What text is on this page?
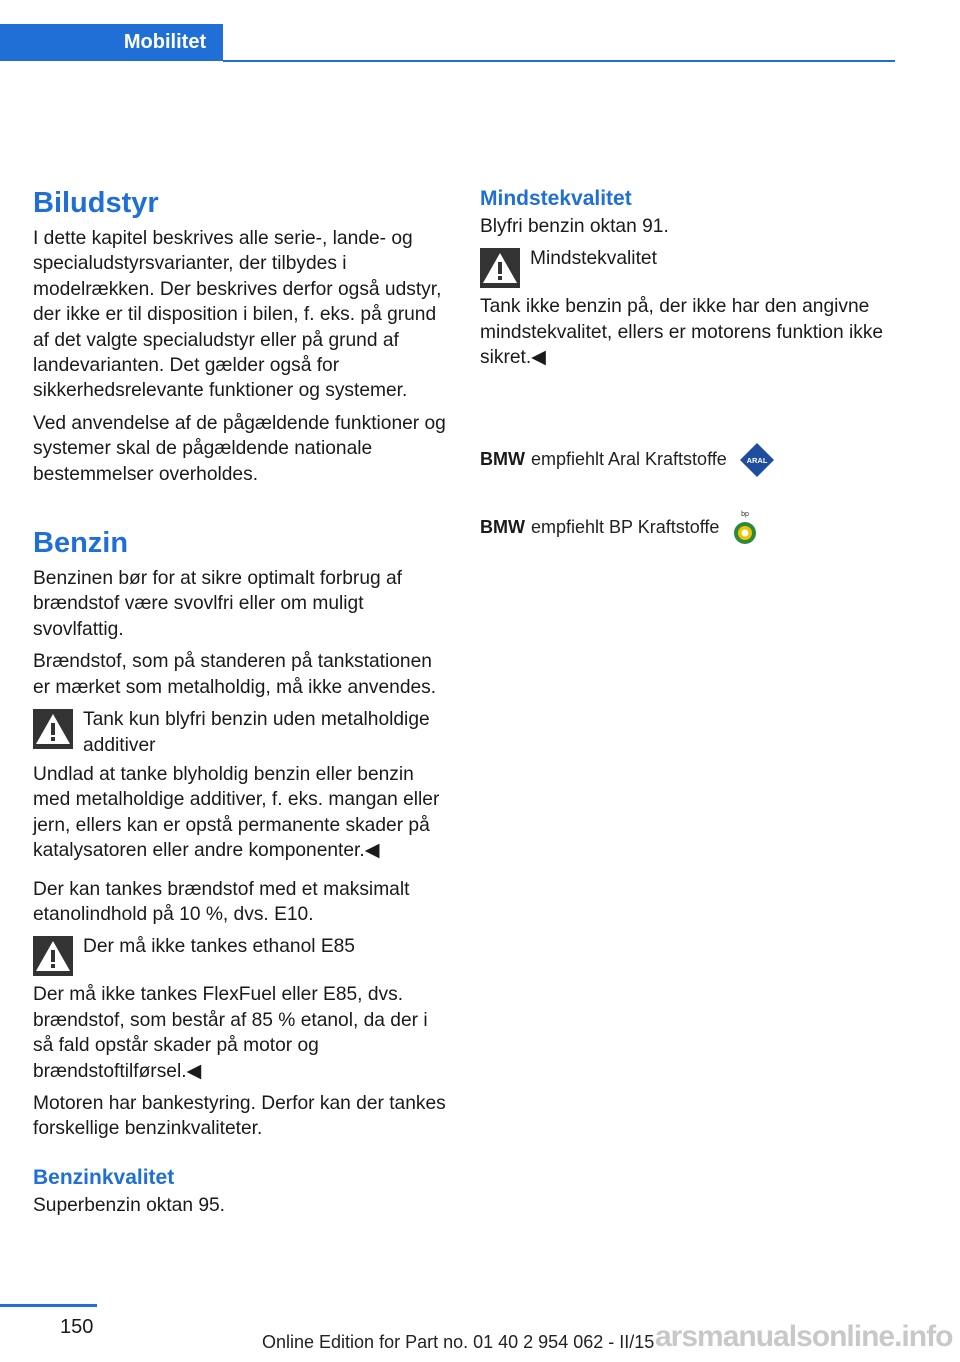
Mobilitet
Biludstyr

I dette kapitel beskrives alle serie-, lande- og specialudstyrsvarianter, der tilbydes i modelrækken. Der beskrives derfor også udstyr, der ikke er til disposition i bilen, f. eks. på grund af det valgte specialudstyr eller på grund af landevarianten. Det gælder også for sikkerhedsrelevante funktioner og systemer.

Ved anvendelse af de pågældende funktioner og systemer skal de pågældende nationale bestemmelser overholdes.

Benzin

Benzinen bør for at sikre optimalt forbrug af brændstof være svovlfri eller om muligt svovlfattig.

Brændstof, som på standeren på tankstationen er mærket som metalholdig, må ikke anvendes.

Tank kun blyfri benzin uden metalholdige additiver

Undlad at tanke blyholdig benzin eller benzin med metalholdige additiver, f. eks. mangan eller jern, ellers kan er opstå permanente skader på katalysatoren eller andre komponenter.◀

Der kan tankes brændstof med et maksimalt etanolindhold på 10 %, dvs. E10.

Der må ikke tankes ethanol E85

Der må ikke tankes FlexFuel eller E85, dvs. brændstof, som består af 85 % etanol, da der i så fald opstår skader på motor og brændstoftilførsel.◀

Motoren har bankestyring. Derfor kan der tankes forskellige benzinkvaliteter.

Benzinkvalitet

Superbenzin oktan 95.

Mindstekvalitet

Blyfri benzin oktan 91.

Mindstekvalitet

Tank ikke benzin på, der ikke har den angivne mindstekvalitet, ellers er motorens funktion ikke sikret.◀

BMW empfiehlt Aral Kraftstoffe	ARAL
BMW empfiehlt BP Kraftstoffe
bp
150
Online Edition for Part no. 01 40 2 954 062 - II/15 arsmanualsonline.info
